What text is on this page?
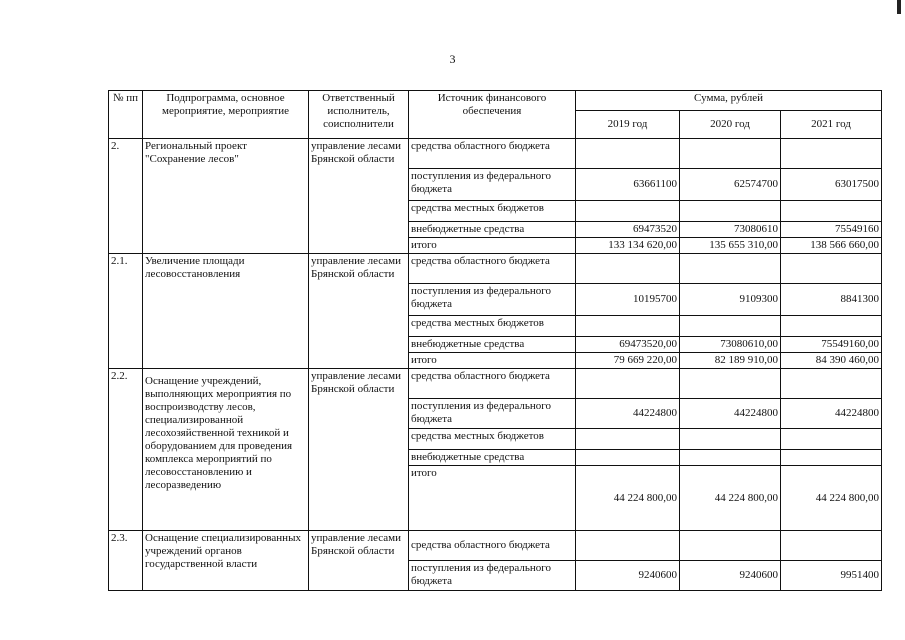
3
№ пп	Подпрограмма, основное мероприятие, мероприятие	Ответственный исполнитель, соисполнители	Источник финансового обеспечения	Сумма, рублей		
				2019 год	2020 год	2021 год
2.	Региональный проект "Сохранение лесов"	управление лесами Брянской области	средства областного бюджета			
			поступления из федерального бюджета	63661100	62574700	63017500
			средства местных бюджетов			
			внебюджетные средства	69473520	73080610	75549160
			итого	133 134 620,00	135 655 310,00	138 566 660,00
2.1.	Увеличение площади лесовосстановления	управление лесами Брянской области	средства областного бюджета			
			поступления из федерального бюджета	10195700	9109300	8841300
			средства местных бюджетов			
			внебюджетные средства	69473520,00	73080610,00	75549160,00
			итого	79 669 220,00	82 189 910,00	84 390 460,00
2.2.	Оснащение учреждений, выполняющих мероприятия по воспроизводству лесов, специализированной лесохозяйственной техникой и оборудованием для проведения комплекса мероприятий по лесовосстановлению и лесоразведению	управление лесами Брянской области	средства областного бюджета			
			поступления из федерального бюджета	44224800	44224800	44224800
			средства местных бюджетов			
			внебюджетные средства			
			итого	44 224 800,00	44 224 800,00	44 224 800,00
2.3.	Оснащение специализированных учреждений органов государственной власти	управление лесами Брянской области	средства областного бюджета			
			поступления из федерального бюджета	9240600	9240600	9951400
